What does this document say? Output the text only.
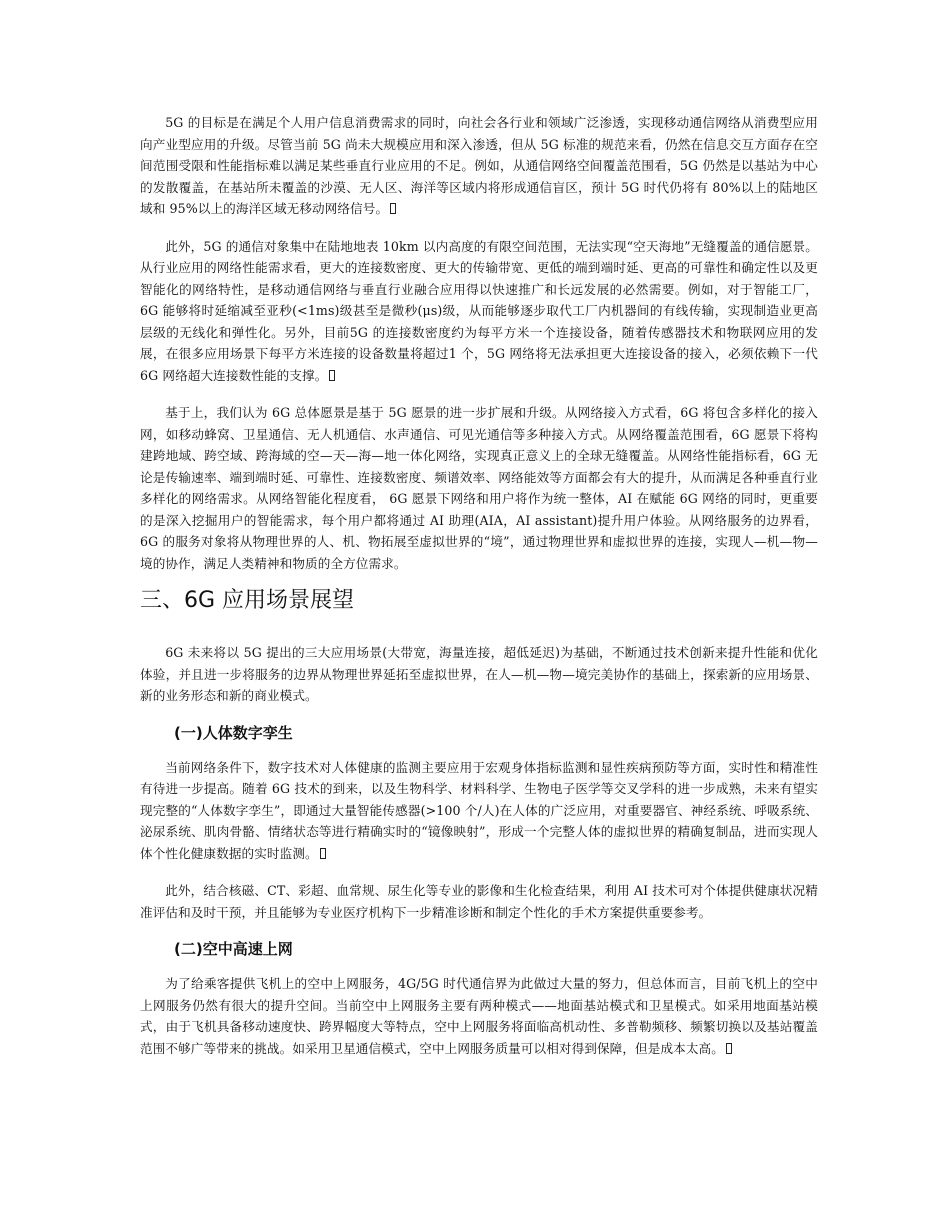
5G 的目标是在满足个人用户信息消费需求的同时，向社会各行业和领域广泛渗透，实现移动通信网络从消费型应用向产业型应用的升级。尽管当前 5G 尚未大规模应用和深入渗透，但从 5G 标准的规范来看，仍然在信息交互方面存在空间范围受限和性能指标难以满足某些垂直行业应用的不足。例如，从通信网络空间覆盖范围看，5G 仍然是以基站为中心的发散覆盖，在基站所未覆盖的沙漠、无人区、海洋等区域内将形成通信盲区，预计 5G 时代仍将有 80%以上的陆地区域和 95%以上的海洋区域无移动网络信号。

此外，5G 的通信对象集中在陆地地表 10km 以内高度的有限空间范围，无法实现“空天海地”无缝覆盖的通信愿景。从行业应用的网络性能需求看，更大的连接数密度、更大的传输带宽、更低的端到端时延、更高的可靠性和确定性以及更智能化的网络特性，是移动通信网络与垂直行业融合应用得以快速推广和长远发展的必然需要。例如，对于智能工厂，6G 能够将时延缩减至亚秒(<1ms)级甚至是微秒(μs)级，从而能够逐步取代工厂内机器间的有线传输，实现制造业更高层级的无线化和弹性化。另外，目前5G 的连接数密度约为每平方米一个连接设备，随着传感器技术和物联网应用的发展，在很多应用场景下每平方米连接的设备数量将超过1 个，5G 网络将无法承担更大连接设备的接入，必须依赖下一代6G 网络超大连接数性能的支撑。

基于上，我们认为 6G 总体愿景是基于 5G 愿景的进一步扩展和升级。从网络接入方式看，6G 将包含多样化的接入网，如移动蜂窝、卫星通信、无人机通信、水声通信、可见光通信等多种接入方式。从网络覆盖范围看，6G 愿景下将构建跨地域、跨空域、跨海域的空—天—海—地一体化网络，实现真正意义上的全球无缝覆盖。从网络性能指标看，6G 无论是传输速率、端到端时延、可靠性、连接数密度、频谱效率、网络能效等方面都会有大的提升，从而满足各种垂直行业多样化的网络需求。从网络智能化程度看， 6G 愿景下网络和用户将作为统一整体，AI 在赋能 6G 网络的同时，更重要的是深入挖掘用户的智能需求，每个用户都将通过 AI 助理(AIA，AI assistant)提升用户体验。从网络服务的边界看，6G 的服务对象将从物理世界的人、机、物拓展至虚拟世界的“境”，通过物理世界和虚拟世界的连接，实现人—机—物—境的协作，满足人类精神和物质的全方位需求。

三、6G 应用场景展望

6G 未来将以 5G 提出的三大应用场景(大带宽，海量连接，超低延迟)为基础，不断通过技术创新来提升性能和优化体验，并且进一步将服务的边界从物理世界延拓至虚拟世界，在人—机—物—境完美协作的基础上，探索新的应用场景、新的业务形态和新的商业模式。

(一)人体数字孪生

当前网络条件下，数字技术对人体健康的监测主要应用于宏观身体指标监测和显性疾病预防等方面，实时性和精准性有待进一步提高。随着 6G 技术的到来，以及生物科学、材料科学、生物电子医学等交叉学科的进一步成熟，未来有望实现完整的“人体数字孪生”，即通过大量智能传感器(>100 个/人)在人体的广泛应用，对重要器官、神经系统、呼吸系统、泌尿系统、肌肉骨骼、情绪状态等进行精确实时的“镜像映射”，形成一个完整人体的虚拟世界的精确复制品，进而实现人体个性化健康数据的实时监测。

此外，结合核磁、CT、彩超、血常规、尿生化等专业的影像和生化检查结果，利用 AI 技术可对个体提供健康状况精准评估和及时干预，并且能够为专业医疗机构下一步精准诊断和制定个性化的手术方案提供重要参考。

(二)空中高速上网

为了给乘客提供飞机上的空中上网服务，4G/5G 时代通信界为此做过大量的努力，但总体而言，目前飞机上的空中上网服务仍然有很大的提升空间。当前空中上网服务主要有两种模式——地面基站模式和卫星模式。如采用地面基站模式，由于飞机具备移动速度快、跨界幅度大等特点，空中上网服务将面临高机动性、多普勒频移、频繁切换以及基站覆盖范围不够广等带来的挑战。如采用卫星通信模式，空中上网服务质量可以相对得到保障，但是成本太高。
